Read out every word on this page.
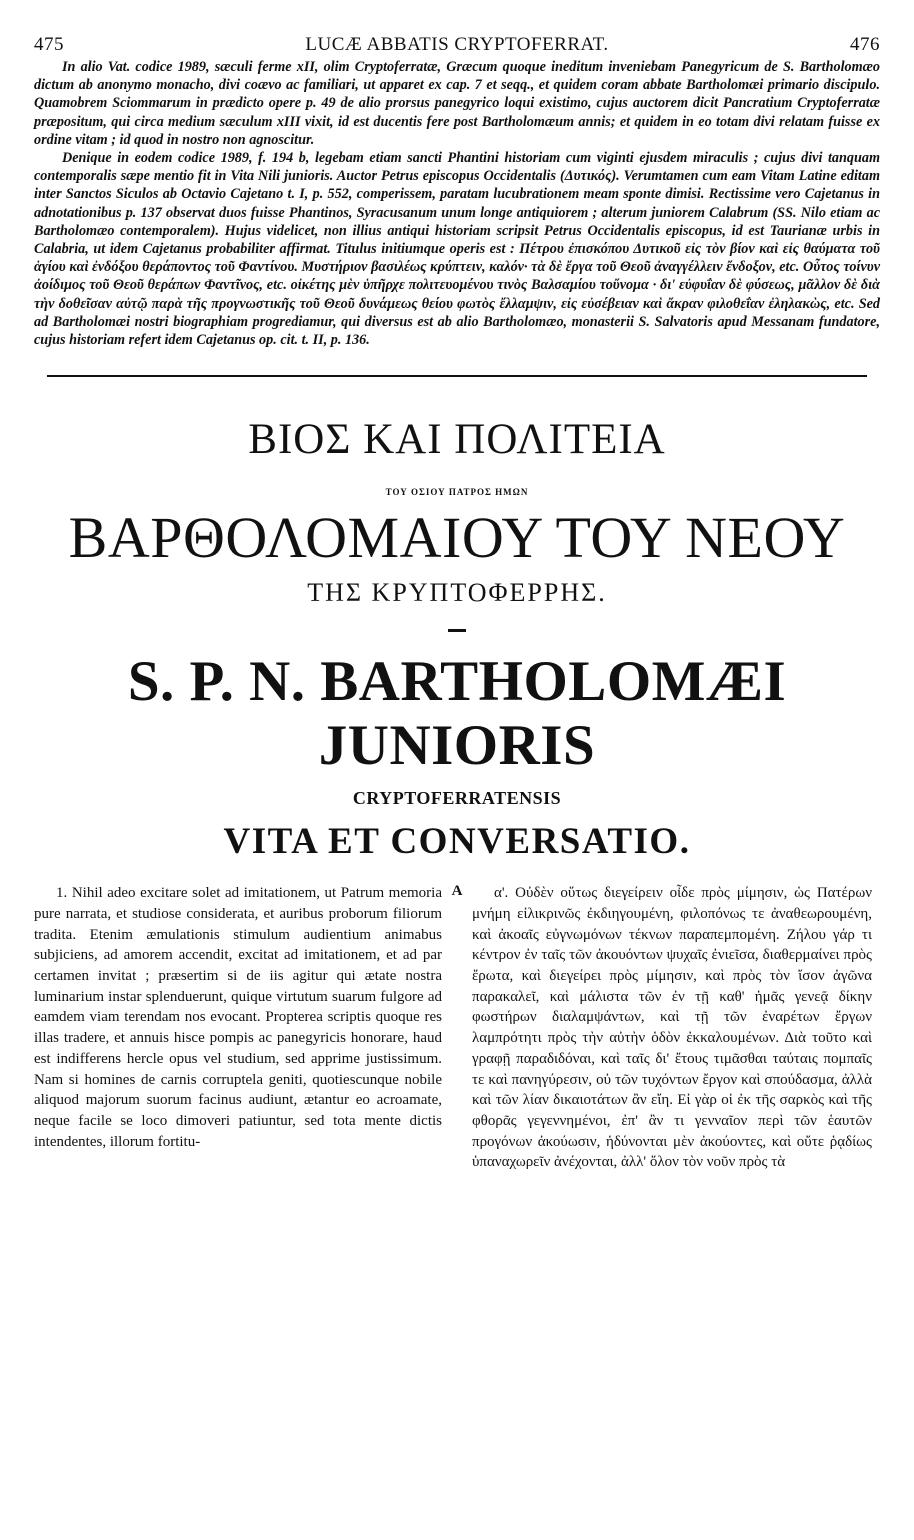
475	LUCÆ ABBATIS CRYPTOFERRAT.	476

In alio Vat. codice 1989, sæculi ferme xII, olim Cryptoferratæ, Græcum quoque ineditum inveniebam Panegyricum de S. Bartholomæo dictum ab anonymo monacho, divi coævo ac familiari, ut apparet ex cap. 7 et seqq., et quidem coram abbate Bartholomæi primario discipulo. Quamobrem Sciommarum in prædicto opere p. 49 de alio prorsus panegyrico loqui existimo, cujus auctorem dicit Pancratium Cryptoferratæ præpositum, qui circa medium sæculum xIII vixit, id est ducentis fere post Bartholomæum annis; et quidem in eo totam divi relatam fuisse ex ordine vitam ; id quod in nostro non agnoscitur.

Denique in eodem codice 1989, f. 194 b, legebam etiam sancti Phantini historiam cum viginti ejusdem miraculis ; cujus divi tanquam contemporalis sæpe mentio fit in Vita Nili junioris. Auctor Petrus episcopus Occidentalis (Δυτικός). Verumtamen cum eam Vitam Latine editam inter Sanctos Siculos ab Octavio Cajetano t. I, p. 552, comperissem, paratam lucubrationem meam sponte dimisi. Rectissime vero Cajetanus in adnotationibus p. 137 observat duos fuisse Phantinos, Syracusanum unum longe antiquiorem ; alterum juniorem Calabrum (SS. Nilo etiam ac Bartholomæo contemporalem). Hujus videlicet, non illius antiqui historiam scripsit Petrus Occidentalis episcopus, id est Taurianæ urbis in Calabria, ut idem Cajetanus probabiliter affirmat. Titulus initiumque operis est : Πέτρου ἐπισκόπου Δυτικοῦ εἰς τὸν βίον καὶ εἰς θαύματα τοῦ ἁγίου καὶ ἐνδόξου θεράποντος τοῦ Φαντίνου. Μυστήριον βασιλέως κρύπτειν, καλόν· τὰ δὲ ἔργα τοῦ Θεοῦ ἀναγγέλλειν ἔνδοξον, etc. Οὗτος τοίνυν ἀοίδιμος τοῦ Θεοῦ θεράπων Φαντῖνος, etc. οἰκέτης μὲν ὑπῆρχε πολιτευομένου τινὸς Βαλσαμίου τοὔνομα · δι' εὐφυΐαν δὲ φύσεως, μᾶλλον δὲ διὰ τὴν δοθεῖσαν αὐτῷ παρὰ τῆς προγνωστικῆς τοῦ Θεοῦ δυνάμεως θείου φωτὸς ἔλλαμψιν, εἰς εὐσέβειαν καὶ ἄκραν φιλοθεΐαν ἐληλακὼς, etc. Sed ad Bartholomæi nostri biographiam progrediamur, qui diversus est ab alio Bartholomæo, monasterii S. Salvatoris apud Messanam fundatore, cujus historiam refert idem Cajetanus op. cit. t. II, p. 136.

ΒΙΟΣ ΚΑΙ ΠΟΛΙΤΕΙΑ
ΤΟΥ ΟΣΙΟΥ ΠΑΤΡΟΣ ΗΜΩΝ
ΒΑΡΘΟΛΟΜΑΙΟΥ ΤΟΥ ΝΕΟΥ
ΤΗΣ ΚΡΥΠΤΟΦΕΡΡΗΣ.
S. P. N. BARTHOLOMÆI JUNIORIS
CRYPTOFERRATENSIS
VITA ET CONVERSATIO.

1. Nihil adeo excitare solet ad imitationem, ut Patrum memoria pure narrata, et studiose considerata, et auribus proborum filiorum tradita. Etenim æmulationis stimulum audientium animabus subjiciens, ad amorem accendit, excitat ad imitationem, et ad par certamen invitat ; præsertim si de iis agitur qui ætate nostra luminarium instar splenduerunt, quique virtutum suarum fulgore ad eamdem viam terendam nos evocant. Propterea scriptis quoque res illas tradere, et annuis hisce pompis ac panegyricis honorare, haud est indifferens hercle opus vel studium, sed apprime justissimum. Nam si homines de carnis corruptela geniti, quotiescunque nobile aliquod majorum suorum facinus audiunt, ætantur eo acroamate, neque facile se loco dimoveri patiuntur, sed tota mente dictis intendentes, illorum fortitu-

A	α'. Οὐδὲν οὕτως διεγείρειν οἶδε πρὸς μίμησιν, ὡς Πατέρων μνήμη εἰλικρινῶς ἐκδιηγουμένη, φιλοπόνως τε ἀναθεωρουμένη, καὶ ἀκοαῖς εὐγνωμόνων τέκνων παραπεμπομένη. Ζήλου γάρ τι κέντρον ἐν ταῖς τῶν ἀκουόντων ψυχαῖς ἐνιεῖσα, διαθερμαίνει πρὸς ἔρωτα, καὶ διεγείρει πρὸς μίμησιν, καὶ πρὸς τὸν ἴσον ἀγῶνα παρακαλεῖ, καὶ μάλιστα τῶν ἐν τῇ καθ' ἡμᾶς γενεᾷ δίκην φωστήρων διαλαμψάντων, καὶ τῇ τῶν ἐναρέτων ἔργων λαμπρότητι πρὸς τὴν αὐτὴν ὁδὸν ἐκκαλουμένων. Διὰ τοῦτο καὶ γραφῇ παραδιδόναι, καὶ ταῖς δι' ἔτους τιμᾶσθαι ταύταις πομπαῖς τε καὶ πανηγύρεσιν, οὐ τῶν τυχόντων ἔργον καὶ σπούδασμα, ἀλλὰ καὶ τῶν λίαν δικαιοτάτων ἂν εἴη. Εἰ γὰρ οἱ ἐκ τῆς σαρκὸς καὶ τῆς φθορᾶς γεγεννημένοι, ἐπ' ἂν τι γενναῖον περὶ τῶν ἑαυτῶν προγόνων ἀκούωσιν, ἡδύνονται μὲν ἀκούοντες, καὶ οὔτε ῥᾳδίως ὑπαναχωρεῖν ἀνέχονται, ἀλλ' ὅλον τὸν νοῦν πρὸς τὰ
